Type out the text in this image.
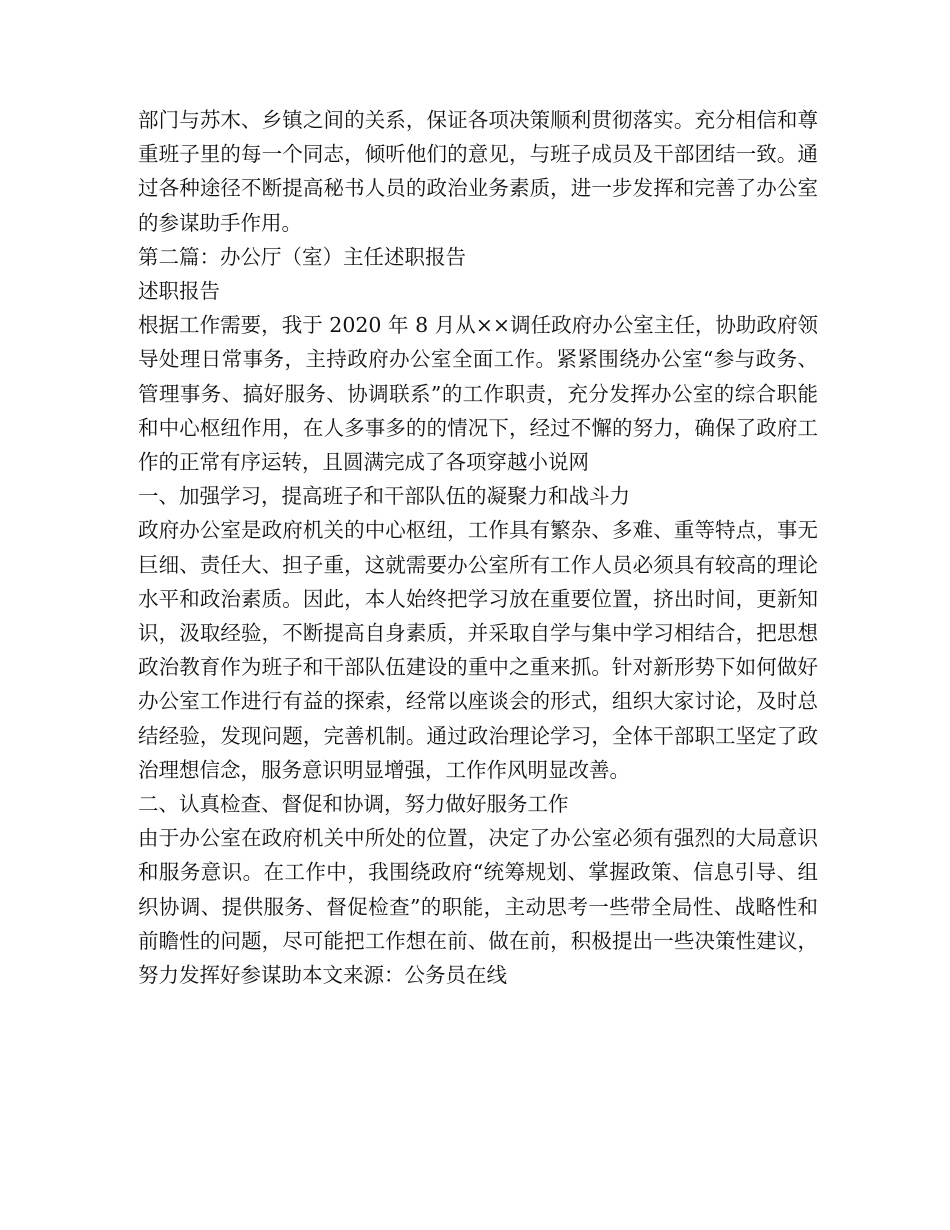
部门与苏木、乡镇之间的关系，保证各项决策顺利贯彻落实。充分相信和尊重班子里的每一个同志，倾听他们的意见，与班子成员及干部团结一致。通过各种途径不断提高秘书人员的政治业务素质，进一步发挥和完善了办公室的参谋助手作用。

第二篇：办公厅（室）主任述职报告

述职报告

根据工作需要，我于 2020 年 8 月从××调任政府办公室主任，协助政府领导处理日常事务，主持政府办公室全面工作。紧紧围绕办公室“参与政务、管理事务、搞好服务、协调联系”的工作职责，充分发挥办公室的综合职能和中心枢纽作用，在人多事多的的情况下，经过不懈的努力，确保了政府工作的正常有序运转，且圆满完成了各项穿越小说网

一、加强学习，提高班子和干部队伍的凝聚力和战斗力

政府办公室是政府机关的中心枢纽，工作具有繁杂、多难、重等特点，事无巨细、责任大、担子重，这就需要办公室所有工作人员必须具有较高的理论水平和政治素质。因此，本人始终把学习放在重要位置，挤出时间，更新知识，汲取经验，不断提高自身素质，并采取自学与集中学习相结合，把思想政治教育作为班子和干部队伍建设的重中之重来抓。针对新形势下如何做好办公室工作进行有益的探索，经常以座谈会的形式，组织大家讨论，及时总结经验，发现问题，完善机制。通过政治理论学习，全体干部职工坚定了政治理想信念，服务意识明显增强，工作作风明显改善。

二、认真检查、督促和协调，努力做好服务工作

由于办公室在政府机关中所处的位置，决定了办公室必须有强烈的大局意识和服务意识。在工作中，我围绕政府“统筹规划、掌握政策、信息引导、组织协调、提供服务、督促检查”的职能，主动思考一些带全局性、战略性和前瞻性的问题，尽可能把工作想在前、做在前，积极提出一些决策性建议，努力发挥好参谋助本文来源：公务员在线
